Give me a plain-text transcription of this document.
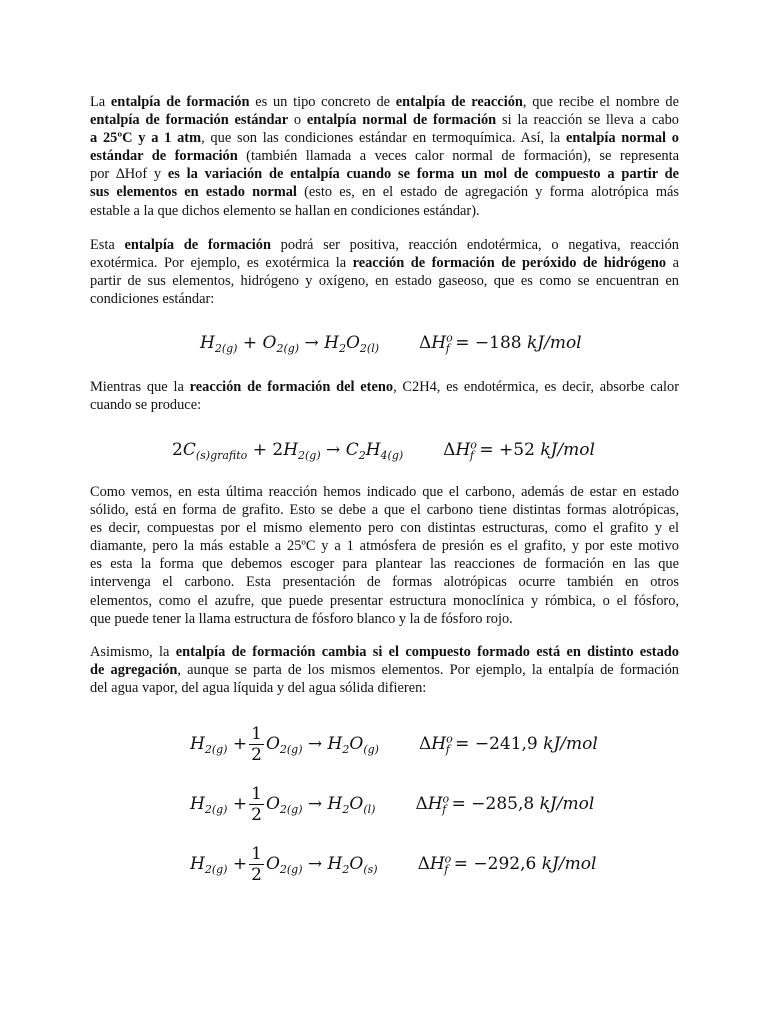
La entalpía de formación es un tipo concreto de entalpía de reacción, que recibe el nombre de
entalpía de formación estándar o entalpía normal de formación si la reacción se lleva a cabo
a 25ºC y a 1 atm, que son las condiciones estándar en termoquímica. Así, la entalpía normal o
estándar de formación (también llamada a veces calor normal de formación), se representa
por ∆Hof y es la variación de entalpía cuando se forma un mol de compuesto a partir de
sus elementos en estado normal (esto es, en el estado de agregación y forma alotrópica más
estable a la que dichos elemento se hallan en condiciones estándar).
Esta entalpía de formación podrá ser positiva, reacción endotérmica, o negativa, reacción
exotérmica. Por ejemplo, es exotérmica la reacción de formación de peróxido de hidrógeno a
partir de sus elementos, hidrógeno y oxígeno, en estado gaseoso, que es como se encuentran en
condiciones estándar:
$H_{2(g)} + O_{2(g)} \to H_2O_{2(l)}$ $\Delta H^o_f = -188$ kJ/mol
Mientras que la reacción de formación del eteno, C2H4, es endotérmica, es decir, absorbe calor
cuando se produce:
$2C_{(s)grafito} + 2H_{2(g)} \to C_2H_{4(g)}$ $\Delta H^o_f = +52$ kJ/mol
Como vemos, en esta última reacción hemos indicado que el carbono, además de estar en estado
sólido, está en forma de grafito. Esto se debe a que el carbono tiene distintas formas alotrópicas,
es decir, compuestas por el mismo elemento pero con distintas estructuras, como el grafito y el
diamante, pero la más estable a 25ºC y a 1 atmósfera de presión es el grafito, y por este motivo
es esta la forma que debemos escoger para plantear las reacciones de formación en las que
intervenga el carbono. Esta presentación de formas alotrópicas ocurre también en otros
elementos, como el azufre, que puede presentar estructura monoclínica y rómbica, o el fósforo,
que puede tener la llama estructura de fósforo blanco y la de fósforo rojo.
Asimismo, la entalpía de formación cambia si el compuesto formado está en distinto estado
de agregación, aunque se parta de los mismos elementos. Por ejemplo, la entalpía de formación
del agua vapor, del agua líquida y del agua sólida difieren:
$H_{2(g)} + \frac{1}{2} O_{2(g)} \to H_2O_{(g)}$ $\Delta H^o_f = -241,9$ kJ/mol
$H_{2(g)} + \frac{1}{2} O_{2(g)} \to H_2O_{(l)}$ $\Delta H^o_f = -285,8$ kJ/mol
$H_{2(g)} + \frac{1}{2} O_{2(g)} \to H_2O_{(s)}$ $\Delta H^o_f = -292,6$ kJ/mol
